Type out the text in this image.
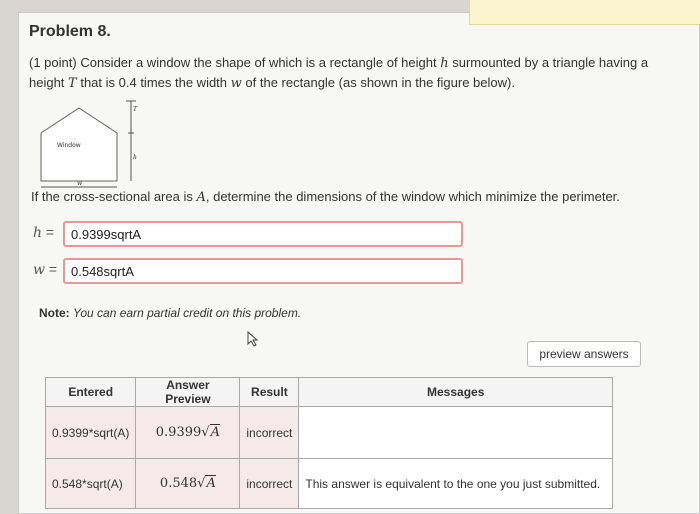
Problem 8.
(1 point) Consider a window the shape of which is a rectangle of height h surmounted by a triangle having a height T that is 0.4 times the width w of the rectangle (as shown in the figure below).
Window
T
h
w
If the cross-sectional area is A, determine the dimensions of the window which minimize the perimeter.
h =	0.9399sqrtA
w =	0.548sqrtA
Note: You can earn partial credit on this problem.
preview answers
Entered	Answer Preview	Result	Messages
0.9399*sqrt(A)	0.9399√A	incorrect	
0.548*sqrt(A)	0.548√A	incorrect	This answer is equivalent to the one you just submitted.
